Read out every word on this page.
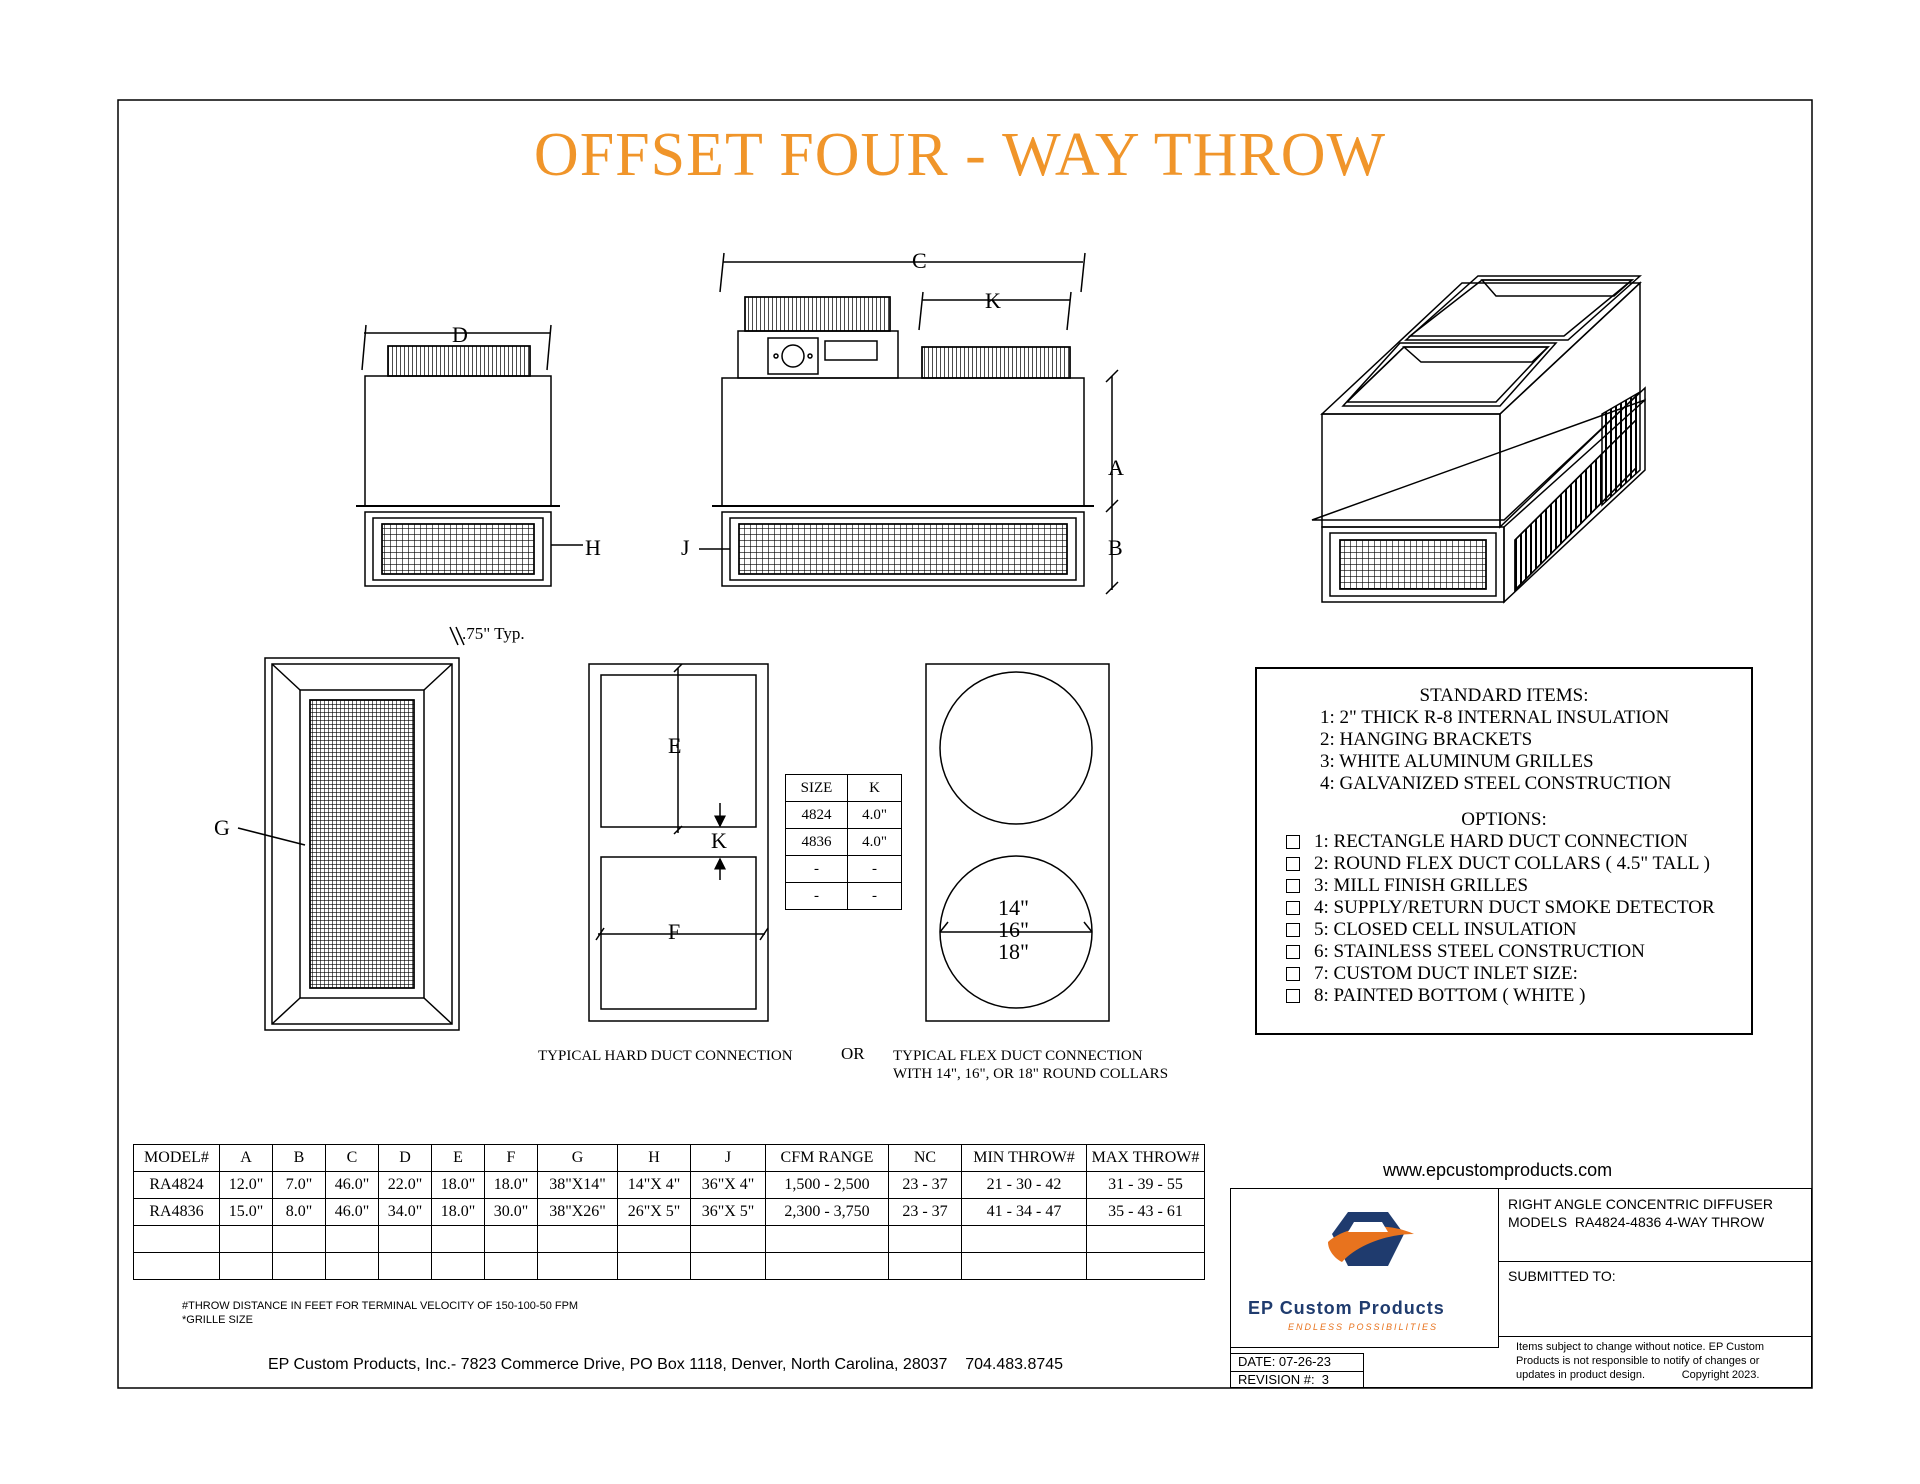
OFFSET FOUR - WAY THROW
C
K
D
A
B
H	J
E
K
F
G
.75" Typ.
14"
16"
18"
TYPICAL HARD DUCT CONNECTION	OR TYPICAL FLEX DUCT CONNECTION
WITH 14", 16", OR 18" ROUND COLLARS
SIZE	K
4824	4.0"
4836	4.0"
-	-
-	-
STANDARD ITEMS:
1: 2" THICK R-8 INTERNAL INSULATION
2: HANGING BRACKETS
3: WHITE ALUMINUM GRILLES
4: GALVANIZED STEEL CONSTRUCTION
OPTIONS:
1: RECTANGLE HARD DUCT CONNECTION
2: ROUND FLEX DUCT COLLARS ( 4.5" TALL )
3: MILL FINISH GRILLES
4: SUPPLY/RETURN DUCT SMOKE DETECTOR
5: CLOSED CELL INSULATION
6: STAINLESS STEEL CONSTRUCTION
7: CUSTOM DUCT INLET SIZE:
8: PAINTED BOTTOM ( WHITE )
MODEL#	A	B	C	D	E	F	G	H	J	CFM RANGE	NC	MIN THROW#	MAX THROW#
RA4824	12.0"	7.0"	46.0"	22.0"	18.0"	18.0"	38"X14"	14"X 4"	36"X 4"	1,500 - 2,500	23 - 37	21 - 30 - 42	31 - 39 - 55
RA4836	15.0"	8.0"	46.0"	34.0"	18.0"	30.0"	38"X26"	26"X 5"	36"X 5"	2,300 - 3,750	23 - 37	41 - 34 - 47	35 - 43 - 61

#THROW DISTANCE IN FEET FOR TERMINAL VELOCITY OF 150-100-50 FPM
*GRILLE SIZE
EP Custom Products, Inc.- 7823 Commerce Drive, PO Box 1118, Denver, North Carolina, 28037    704.483.8745
www.epcustomproducts.com
RIGHT ANGLE CONCENTRIC DIFFUSER
MODELS  RA4824-4836 4-WAY THROW
SUBMITTED TO:
DATE: 07-26-23
REVISION #:  3
Items subject to change without notice. EP Custom
Products is not responsible to notify of changes or
updates in product design.            Copyright 2023.
EP Custom Products
ENDLESS POSSIBILITIES
